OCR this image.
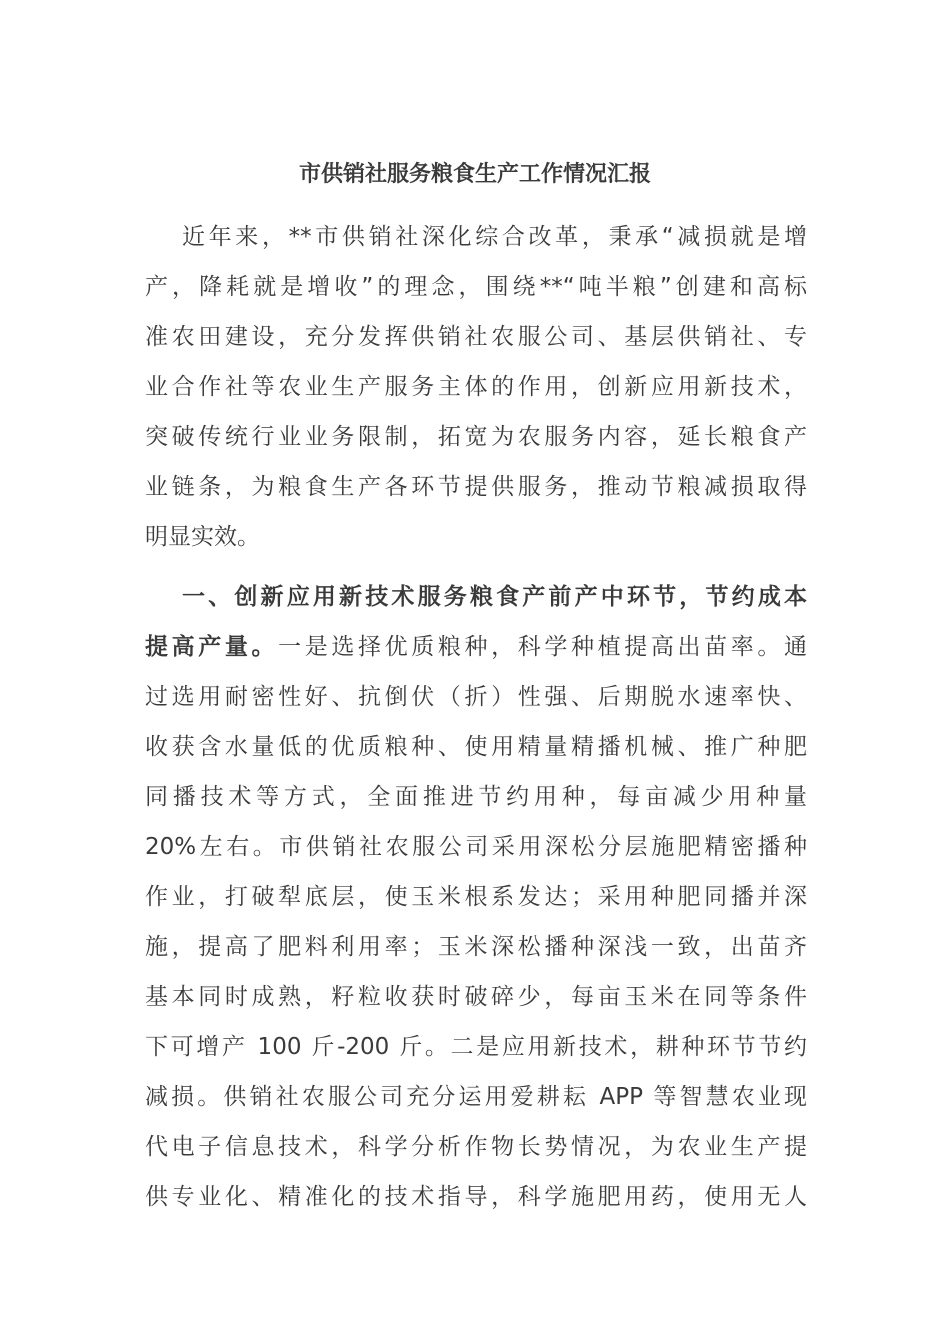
市供销社服务粮食生产工作情况汇报
近年来，**市供销社深化综合改革，秉承“减损就是增
产，降耗就是增收”的理念，围绕**“吨半粮”创建和高标
准农田建设，充分发挥供销社农服公司、基层供销社、专
业合作社等农业生产服务主体的作用，创新应用新技术，
突破传统行业业务限制，拓宽为农服务内容，延长粮食产
业链条，为粮食生产各环节提供服务，推动节粮减损取得
明显实效。
一、创新应用新技术服务粮食产前产中环节，节约成本
提高产量。一是选择优质粮种，科学种植提高出苗率。通
过选用耐密性好、抗倒伏（折）性强、后期脱水速率快、
收获含水量低的优质粮种、使用精量精播机械、推广种肥
同播技术等方式，全面推进节约用种，每亩减少用种量
20%左右。市供销社农服公司采用深松分层施肥精密播种
作业，打破犁底层，使玉米根系发达；采用种肥同播并深
施，提高了肥料利用率；玉米深松播种深浅一致，出苗齐
基本同时成熟，籽粒收获时破碎少，每亩玉米在同等条件
下可增产 100 斤-200 斤。二是应用新技术，耕种环节节约
减损。供销社农服公司充分运用爱耕耘 APP 等智慧农业现
代电子信息技术，科学分析作物长势情况，为农业生产提
供专业化、精准化的技术指导，科学施肥用药，使用无人
